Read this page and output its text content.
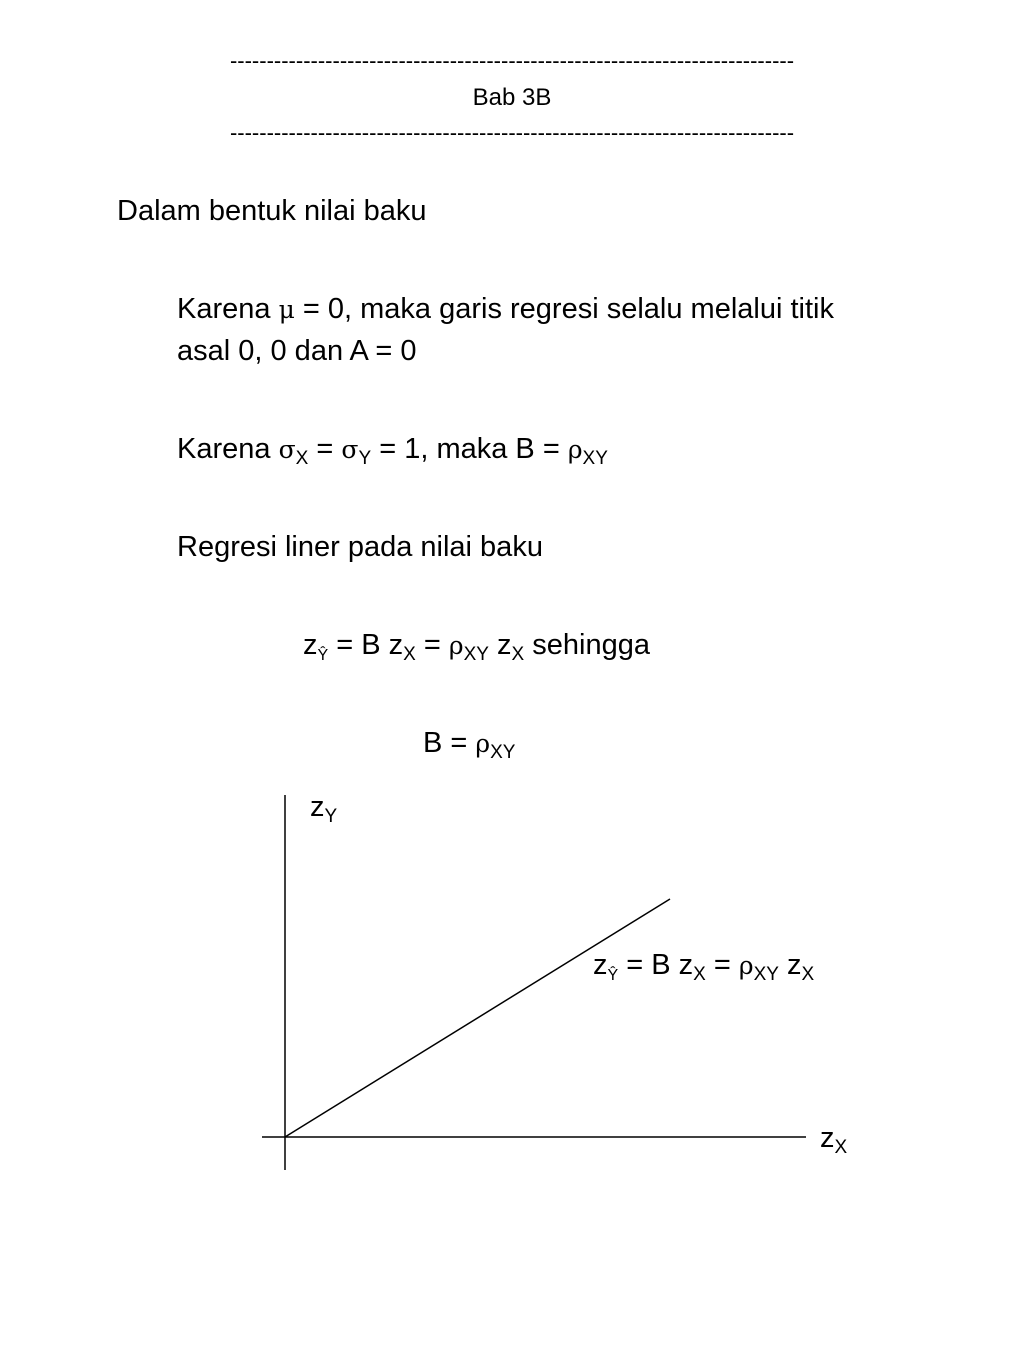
-----------------------------------------------------------------------------
Bab 3B
-----------------------------------------------------------------------------
Dalam bentuk nilai baku
Karena μ = 0, maka garis regresi selalu melalui titik
asal 0, 0 dan A = 0
Karena $\sigma_X = \sigma_Y = 1$, maka $B = \rho_{XY}$
Regresi liner pada nilai baku
$z_Ŷ = B$ $z_X = \rho_{XY}$ $z_X$ sehingga
$B = \rho_{XY}$
$z_Y$
$z_X$
$z_Ŷ = B$ $z_X = \rho_{XY}$ $z_X$
